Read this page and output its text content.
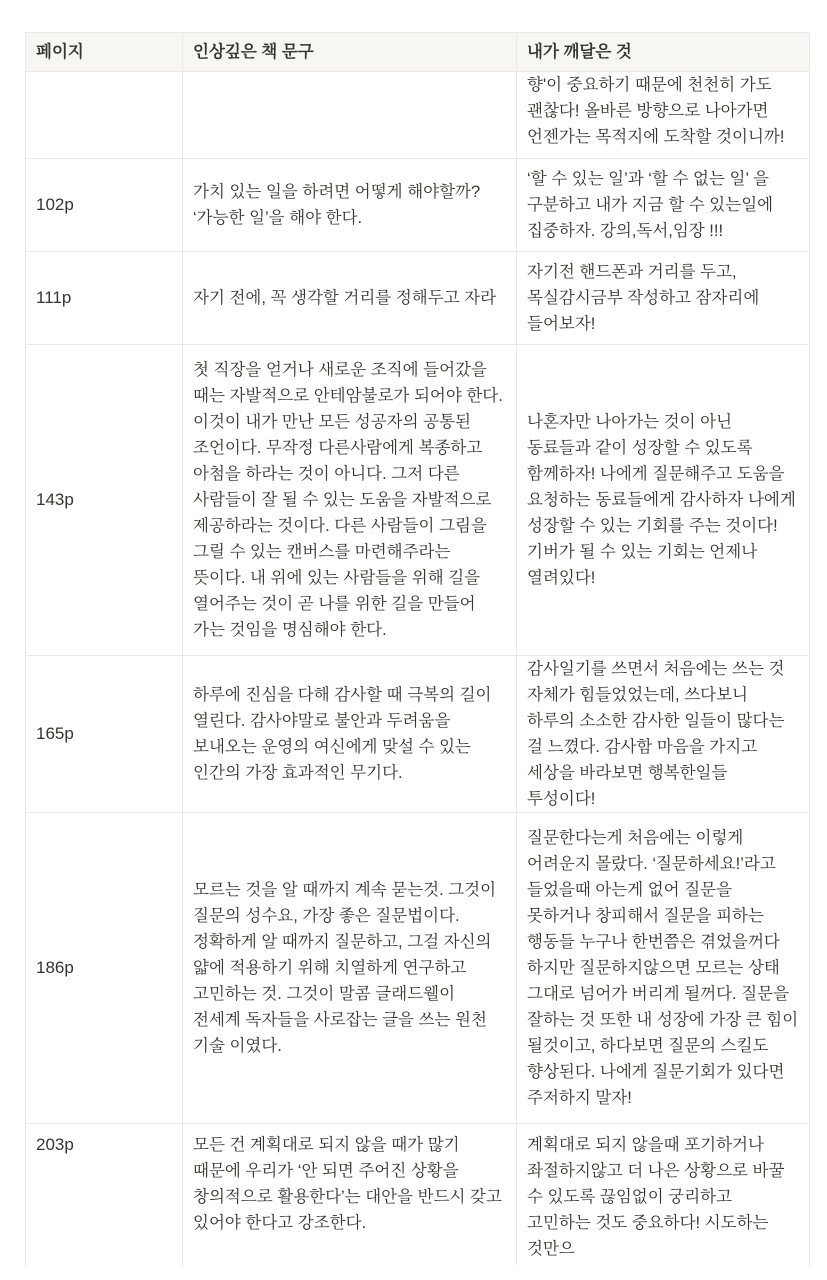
페이지	인상깊은 책 문구	내가 깨달은 것
		향'이 중요하기 때문에 천천히 가도 괜찮다! 올바른 방향으로 나아가면 언젠가는 목적지에 도착할 것이니까!
102p	가치 있는 일을 하려면 어떻게 해야할까? ‘가능한 일’을 해야 한다.	‘할 수 있는 일’과 ‘할 수 없는 일’ 을 구분하고 내가 지금 할 수 있는일에 집중하자. 강의,독서,임장 !!!
111p	자기 전에, 꼭 생각할 거리를 정해두고 자라	자기전 핸드폰과 거리를 두고, 목실감시금부 작성하고 잠자리에 들어보자!
143p	첫 직장을 얻거나 새로운 조직에 들어갔을 때는 자발적으로 안테암불로가 되어야 한다. 이것이 내가 만난 모든 성공자의 공통된 조언이다. 무작정 다른사람에게 복종하고 아첨을 하라는 것이 아니다. 그저 다른 사람들이 잘 될 수 있는 도움을 자발적으로 제공하라는 것이다. 다른 사람들이 그림을 그릴 수 있는 캔버스를 마련해주라는 뜻이다. 내 위에 있는 사람들을 위해 길을 열어주는 것이 곧 나를 위한 길을 만들어 가는 것임을 명심해야 한다.	나혼자만 나아가는 것이 아닌 동료들과 같이 성장할 수 있도록 함께하자! 나에게 질문해주고 도움을 요청하는 동료들에게 감사하자 나에게 성장할 수 있는 기회를 주는 것이다! 기버가 될 수 있는 기회는 언제나 열려있다!
165p	하루에 진심을 다해 감사할 때 극복의 길이 열린다. 감사야말로 불안과 두려움을 보내오는 운영의 여신에게 맞설 수 있는 인간의 가장 효과적인 무기다.	감사일기를 쓰면서 처음에는 쓰는 것 자체가 힘들었었는데, 쓰다보니 하루의 소소한 감사한 일들이 많다는 걸 느꼈다. 감사함 마음을 가지고 세상을 바라보면 행복한일들 투성이다!
186p	모르는 것을 알 때까지 계속 묻는것. 그것이 질문의 성수요, 가장 좋은 질문법이다. 정확하게 알 때까지 질문하고, 그걸 자신의 얇에 적용하기 위해 치열하게 연구하고 고민하는 것. 그것이 말콤 글래드웰이 전세계 독자들을 사로잡는 글을 쓰는 원천 기술 이였다.	질문한다는게 처음에는 이렇게 어려운지 몰랐다. ‘질문하세요!’라고 들었을때 아는게 없어 질문을 못하거나 창피해서 질문을 피하는 행동들 누구나 한번쯤은 겪었을꺼다 하지만 질문하지않으면 모르는 상태 그대로 넘어가 버리게 될꺼다. 질문을 잘하는 것 또한 내 성장에 가장 큰 힘이 될것이고, 하다보면 질문의 스킬도 향상된다. 나에게 질문기회가 있다면 주저하지 말자!
203p	모든 건 계획대로 되지 않을 때가 많기 때문에 우리가 ‘안 되면 주어진 상황을 창의적으로 활용한다’는 대안을 반드시 갖고 있어야 한다고 강조한다.	계획대로 되지 않을때 포기하거나 좌절하지않고 더 나은 상황으로 바꿀 수 있도록 끊임없이 궁리하고 고민하는 것도 중요하다! 시도하는 것만으
